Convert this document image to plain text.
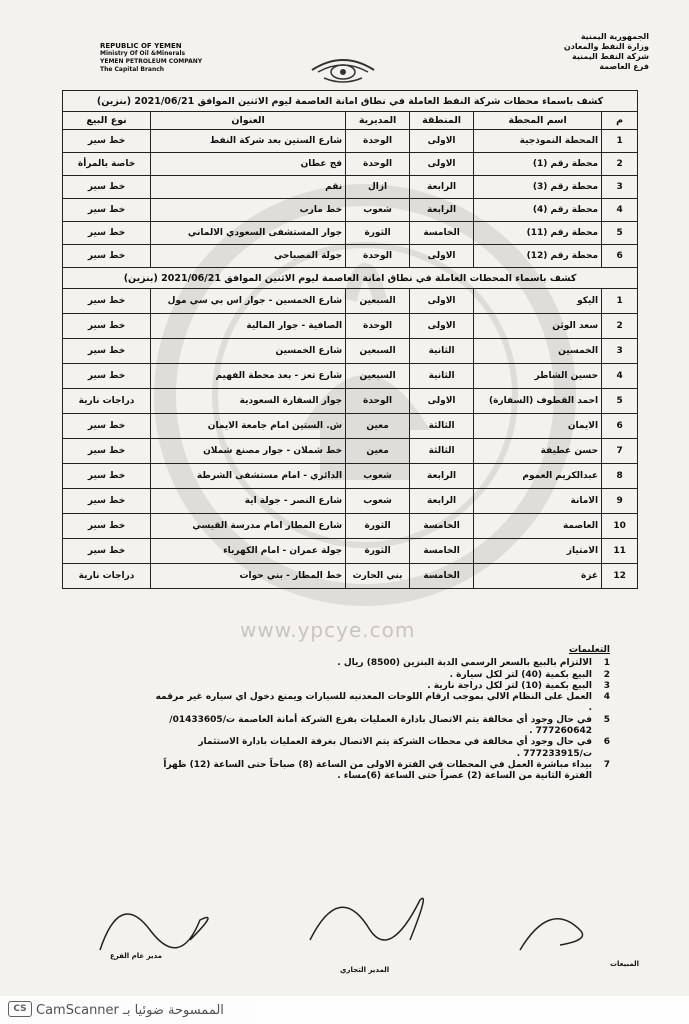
REPUBLIC OF YEMEN
Ministry Of Oil &Minerals
YEMEN PETROLEUM COMPANY
The Capital Branch
الجمهورية اليمنية
وزارة النفط والمعادن
شركة النفط اليمنية
فرع العاصمة
كشف باسماء محطات شركة النفط العاملة في نطاق امانة العاصمة ليوم الاثنين الموافق 2021/06/21 (بنزين)					
م	اسم المحطة	المنطقة	المديرية	العنوان	نوع البيع
1	المحطة النموذجية	الاولى	الوحدة	شارع الستين بعد شركة النفط	خط سير
2	محطة رقم (1)	الاولى	الوحدة	فج عطان	خاصة بالمرأة
3	محطة رقم (3)	الرابعة	ازال	نقم	خط سير
4	محطة رقم (4)	الرابعة	شعوب	خط مارب	خط سير
5	محطة رقم (11)	الخامسة	الثورة	جوار المستشفى السعودي الالماني	خط سير
6	محطة رقم (12)	الاولى	الوحدة	جولة المصباحي	خط سير
كشف باسماء المحطات العاملة في نطاق امانة العاصمة ليوم الاثنين الموافق 2021/06/21 (بنزين)					
1	اليكو	الاولى	السبعين	شارع الخمسين - جوار اس بي سي مول	خط سير
2	سعد الوثن	الاولى	الوحدة	الصافية - جوار المالية	خط سير
3	الخمسين	الثانية	السبعين	شارع الخمسين	خط سير
4	حسين الشاطر	الثانية	السبعين	شارع تعز - بعد محطة الفهيم	خط سير
5	احمد القطوف (السفارة)	الاولى	الوحدة	جوار السفارة السعودية	دراجات نارية
6	الايمان	الثالثة	معين	ش. الستين امام جامعة الايمان	خط سير
7	حسن عطيفة	الثالثة	معين	خط شملان - جوار مصنع شملان	خط سير
8	عبدالكريم العموم	الرابعة	شعوب	الدائري - امام مستشفى الشرطة	خط سير
9	الامانة	الرابعة	شعوب	شارع النصر - جولة اية	خط سير
10	العاصمة	الخامسة	الثورة	شارع المطار امام مدرسة القيسي	خط سير
11	الامتياز	الخامسة	الثورة	جولة عمران - امام الكهرباء	خط سير
12	غزة	الخامسة	بني الحارث	خط المطار - بني حوات	دراجات نارية
www.ypcye.com
التعليمات
1
الالتزام بالبيع بالسعر الرسمي الدبة البنزين (8500) ريال .
2
البيع بكمية (40) لتر لكل سيارة .
3
البيع بكمية (10) لتر لكل دراجة نارية .
4
العمل على النظام الالي بموجب ارقام اللوحات المعدنيه للسيارات ويمنع دخول اي سياره غير مرقمه .
5
في حال وجود أي مخالفة يتم الاتصال بادارة العمليات بفرع الشركة أمانة العاصمة ت/01433605/ 777260642 .
6
في حال وجود أي مخالفة في محطات الشركة يتم الاتصال بغرفة العمليات بادارة الاستثمار ت/777233915 .
7
بيداء مباشرة العمل في المحطات في الفترة الاولى من الساعة (8) صباحاً حتى الساعة (12) ظهراً
الفترة الثانية من الساعة (2) عصراً حتى الساعة (6)مساء .
مدير عام الفرع
المدير التجاري
المبيعات
CS الممسوحة ضوئيا بـ CamScanner
